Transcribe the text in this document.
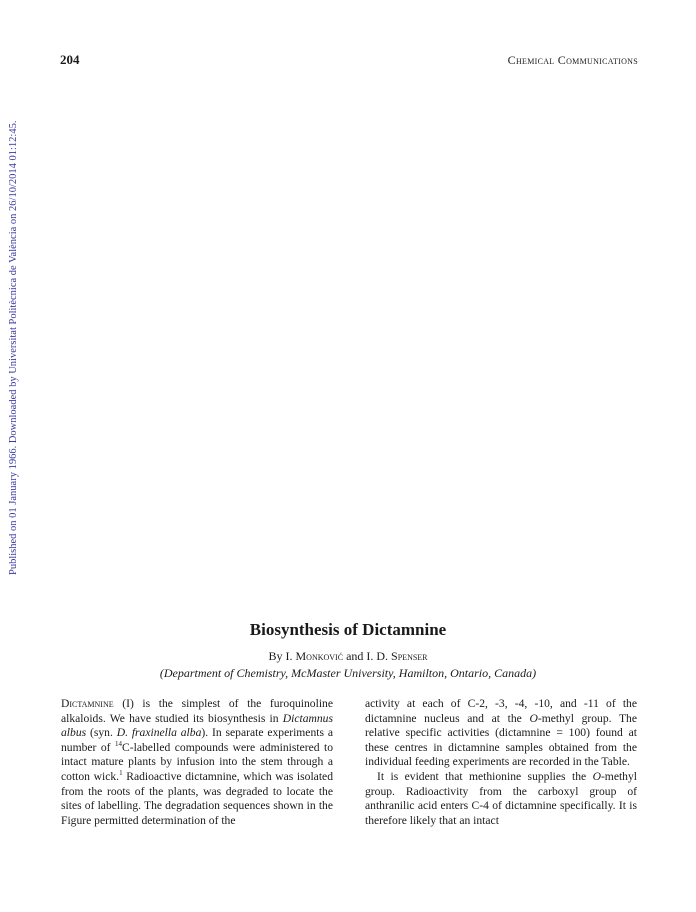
204	Chemical Communications
Published on 01 January 1966. Downloaded by Universitat Politècnica de València on 26/10/2014 01:12:45.
Biosynthesis of Dictamnine
By I. Monković and I. D. Spenser
(Department of Chemistry, McMaster University, Hamilton, Ontario, Canada)

Dictamnine (I) is the simplest of the furoquinoline alkaloids. We have studied its biosynthesis in Dictamnus albus (syn. D. fraxinella alba). In separate experiments a number of $^{14}$C-labelled compounds were administered to intact mature plants by infusion into the stem through a cotton wick.$^1$ Radioactive dictamnine, which was isolated from the roots of the plants, was degraded to locate the sites of labelling. The degradation sequences shown in the Figure permitted determination of the

activity at each of C-2, -3, -4, -10, and -11 of the dictamnine nucleus and at the O-methyl group. The relative specific activities (dictamnine = 100) found at these centres in dictamnine samples obtained from the individual feeding experiments are recorded in the Table.

It is evident that methionine supplies the O-methyl group. Radioactivity from the carboxyl group of anthranilic acid enters C-4 of dictamnine specifically. It is therefore likely that an intact
